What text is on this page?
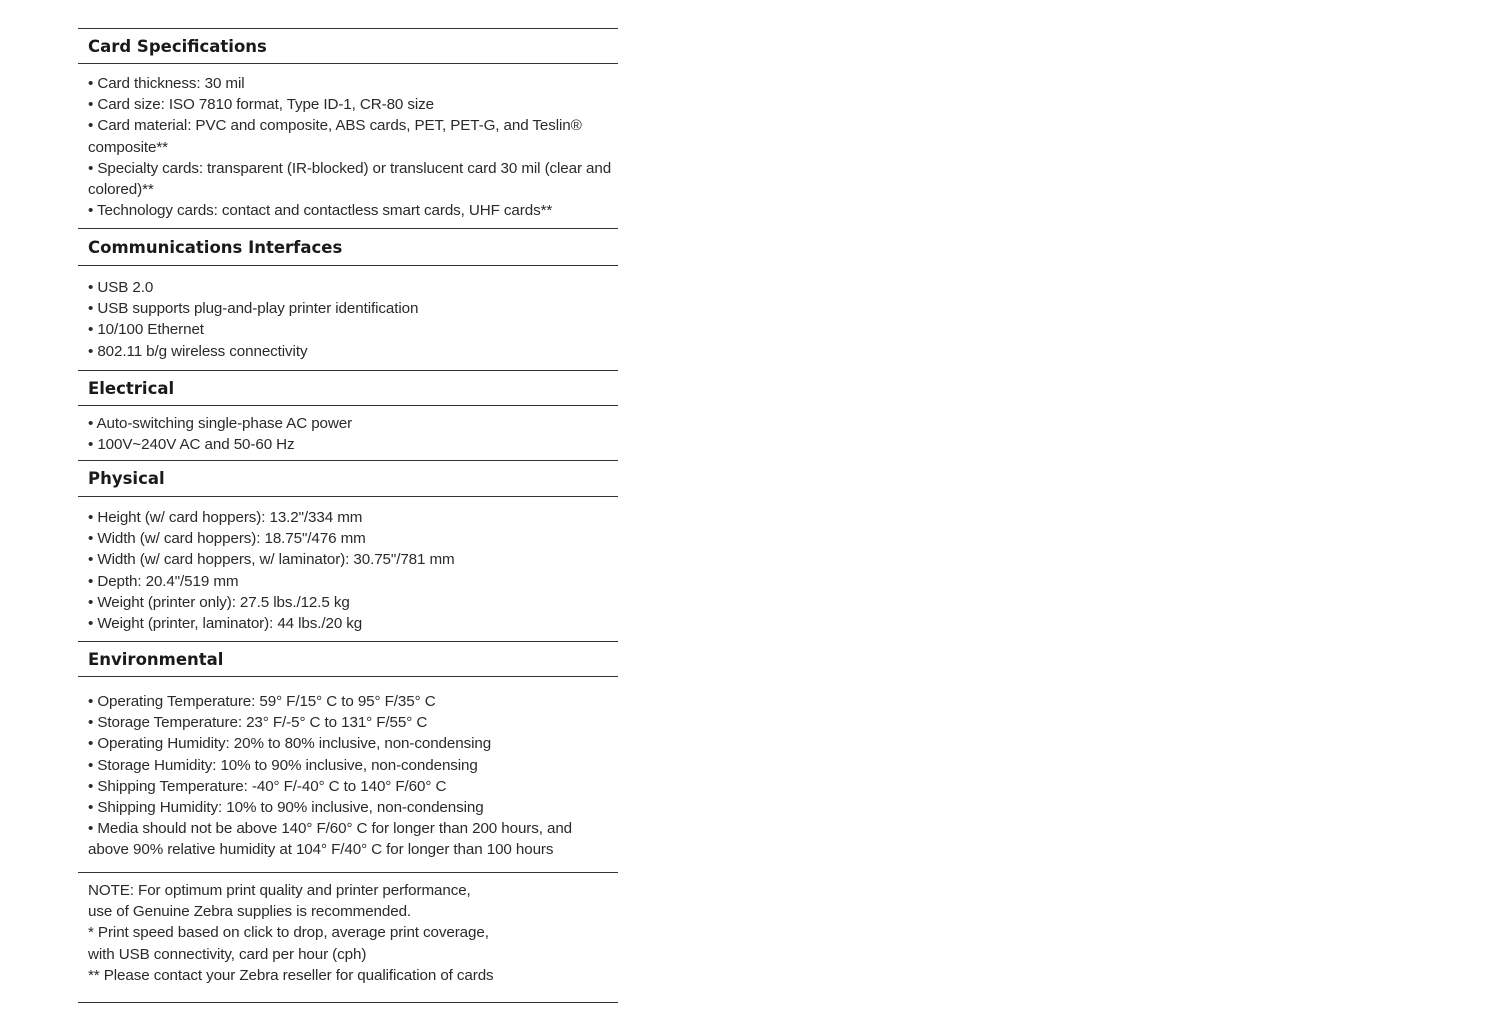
Card Specifications
• Card thickness: 30 mil
• Card size: ISO 7810 format, Type ID-1, CR-80 size
• Card material: PVC and composite, ABS cards, PET, PET-G, and Teslin®
composite**
• Specialty cards: transparent (IR-blocked) or translucent card 30 mil (clear and
colored)**
• Technology cards: contact and contactless smart cards, UHF cards**
Communications Interfaces
• USB 2.0
• USB supports plug-and-play printer identification
• 10/100 Ethernet
• 802.11 b/g wireless connectivity
Electrical
• Auto-switching single-phase AC power
• 100V~240V AC and 50-60 Hz
Physical
• Height (w/ card hoppers): 13.2"/334 mm
• Width (w/ card hoppers): 18.75"/476 mm
• Width (w/ card hoppers, w/ laminator): 30.75"/781 mm
• Depth: 20.4"/519 mm
• Weight (printer only): 27.5 lbs./12.5 kg
• Weight (printer, laminator): 44 lbs./20 kg
Environmental
• Operating Temperature: 59° F/15° C to 95° F/35° C
• Storage Temperature: 23° F/-5° C to 131° F/55° C
• Operating Humidity: 20% to 80% inclusive, non-condensing
• Storage Humidity: 10% to 90% inclusive, non-condensing
• Shipping Temperature: -40° F/-40° C to 140° F/60° C
• Shipping Humidity: 10% to 90% inclusive, non-condensing
• Media should not be above 140° F/60° C for longer than 200 hours, and
above 90% relative humidity at 104° F/40° C for longer than 100 hours
NOTE: For optimum print quality and printer performance,
use of Genuine Zebra supplies is recommended.
* Print speed based on click to drop, average print coverage,
with USB connectivity, card per hour (cph)
** Please contact your Zebra reseller for qualification of cards
